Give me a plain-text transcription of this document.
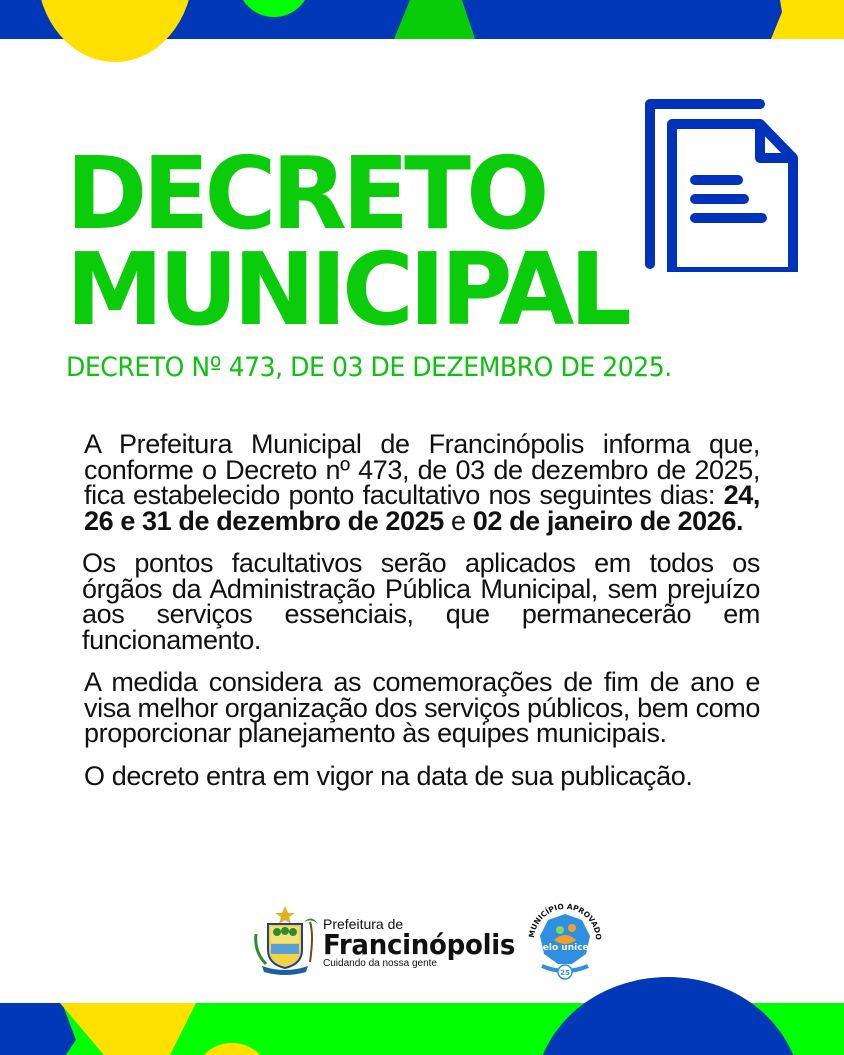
DECRETO
MUNICIPAL
DECRETO Nº 473, DE 03 DE DEZEMBRO DE 2025.

A Prefeitura Municipal de Francinópolis informa que, conforme o Decreto nº 473, de 03 de dezembro de 2025, fica estabelecido ponto facultativo nos seguintes dias: 24, 26 e 31 de dezembro de 2025 e 02 de janeiro de 2026.

Os pontos facultativos serão aplicados em todos os órgãos da Administração Pública Municipal, sem prejuízo aos serviços essenciais, que permanecerão em funcionamento.

A medida considera as comemorações de fim de ano e visa melhor organização dos serviços públicos, bem como proporcionar planejamento às equipes municipais.

O decreto entra em vigor na data de sua publicação.

Prefeitura de
Francinópolis
Cuidando da nossa gente
MUNICÍPIO APROVADO
selo unicef
25
